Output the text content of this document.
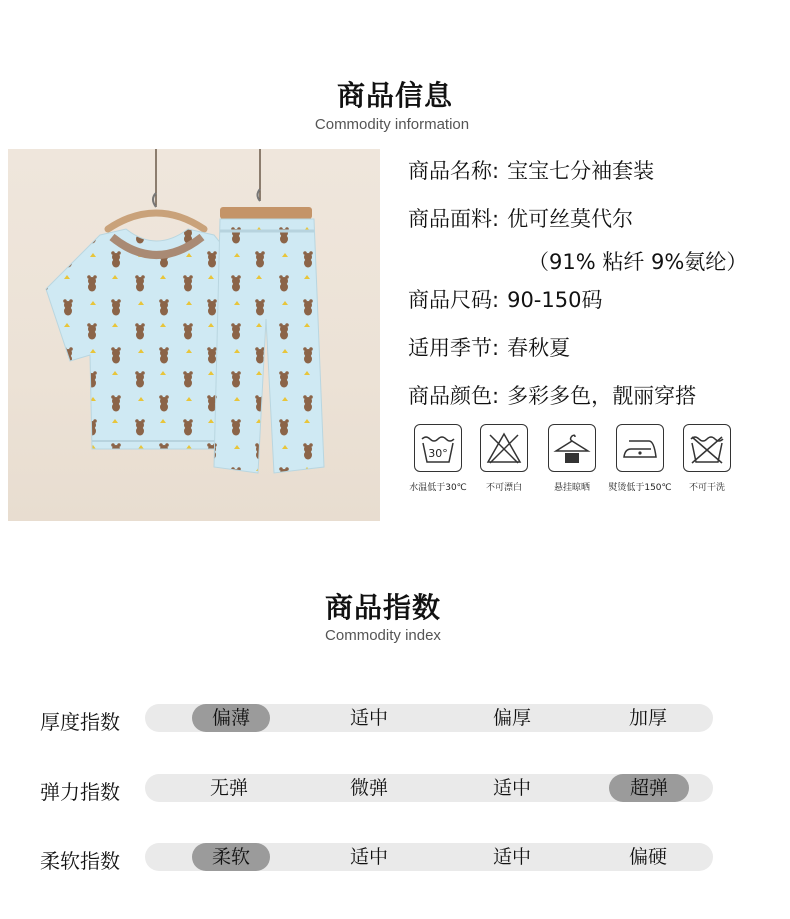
商品信息
Commodity information
商品名称: 宝宝七分袖套装
商品面料: 优可丝莫代尔
（91% 粘纤 9%氨纶）
商品尺码: 90-150码
适用季节: 春秋夏
商品颜色: 多彩多色，靓丽穿搭
30°
水温低于30℃	不可漂白	悬挂晾晒	熨烫低于150℃	不可干洗
商品指数
Commodity index
厚度指数	偏薄	适中	偏厚	加厚
弹力指数	无弹	微弹	适中	超弹
柔软指数	柔软	适中	适中	偏硬
